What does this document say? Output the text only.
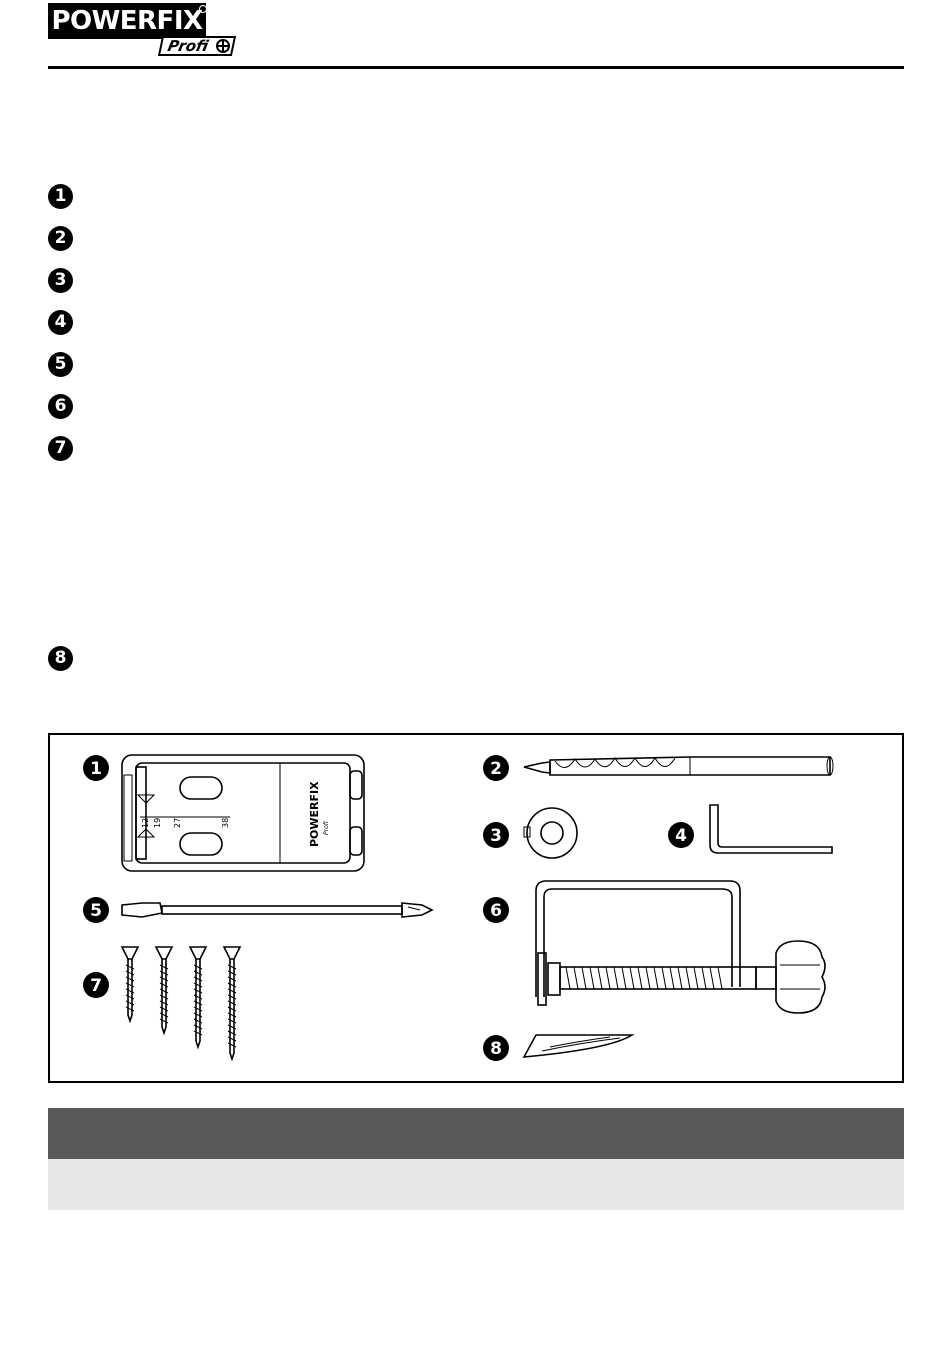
POWERFIX
Profi
1
2
3
4
5
6
7
8
1
12 19 27	38	POWERFIX Profi
2
3	4
5	6
7
8
